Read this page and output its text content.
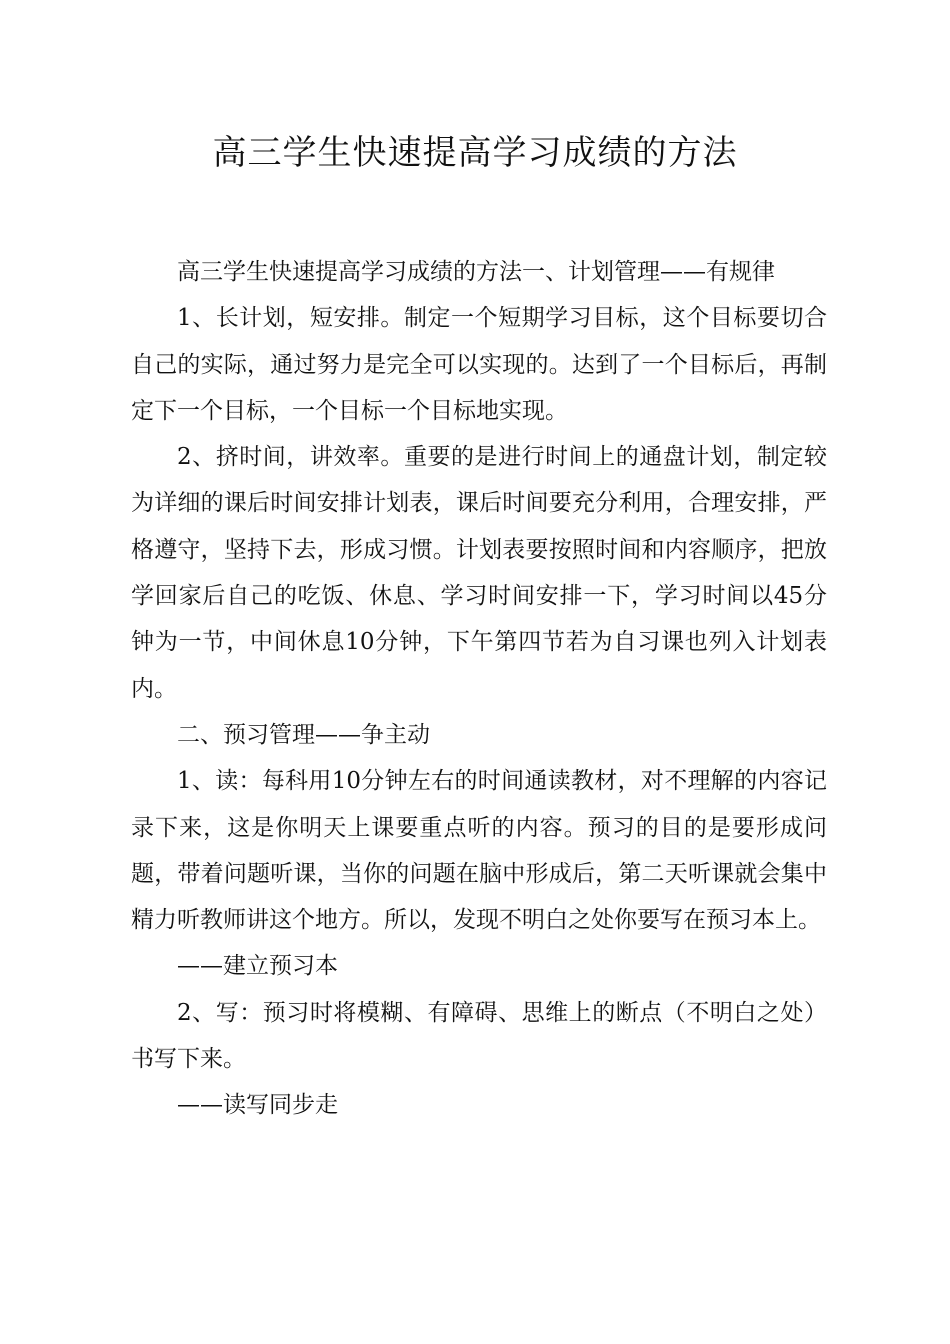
高三学生快速提高学习成绩的方法

高三学生快速提高学习成绩的方法一、计划管理——有规律

1、长计划，短安排。制定一个短期学习目标，这个目标要切合自己的实际，通过努力是完全可以实现的。达到了一个目标后，再制定下一个目标，一个目标一个目标地实现。

2、挤时间，讲效率。重要的是进行时间上的通盘计划，制定较为详细的课后时间安排计划表，课后时间要充分利用，合理安排，严格遵守，坚持下去，形成习惯。计划表要按照时间和内容顺序，把放学回家后自己的吃饭、休息、学习时间安排一下，学习时间以45分钟为一节，中间休息10分钟，下午第四节若为自习课也列入计划表内。

二、预习管理——争主动

1、读：每科用10分钟左右的时间通读教材，对不理解的内容记录下来，这是你明天上课要重点听的内容。预习的目的是要形成问题，带着问题听课，当你的问题在脑中形成后，第二天听课就会集中精力听教师讲这个地方。所以，发现不明白之处你要写在预习本上。

——建立预习本

2、写：预习时将模糊、有障碍、思维上的断点（不明白之处）书写下来。

——读写同步走
